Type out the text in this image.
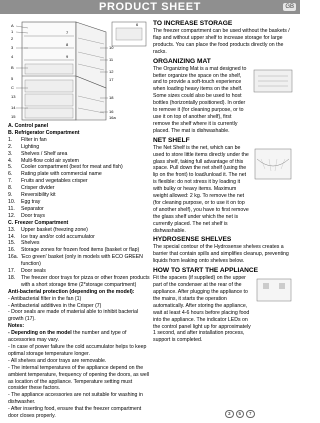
PRODUCT SHEET	GB
A
1
2
3
4
B
5
C
13
14
15
10
11
12
17
18
16
16a
6
7
8
9
A. Control panel
B. Refrigerator Compartment
1.	Filter in fan
2.	Lighting
3.	Shelves / Shelf area
4.	Multi-flow cold air system
5.	Cooler compartment (best for meat and fish)
6.	Rating plate with commercial name
7.	Fruits and vegetables crisper
8.	Crisper divider
9.	Reversibility kit
10.	Egg tray
11.	Separator
12.	Door trays
C. Freezer Compartment
13.	Upper basket (freezing zone)
14.	Ice tray and/or cold accumulator
15.	Shelves
16.	Storage zones for frozen food items (basket or flap)
16a. 'Eco green' basket (only in models with ECO GREEN function)
17.	Door seals
18.	The freezer door trays for pizza or other frozen products with a short storage time (2*storage compartment)
Anti-bacterial protection (depending on the model):
- Antibacterial filter in the fan (1)
- Antibacterial additives in the Crisper (7)
- Door seals are made of material able to inhibit bacterial growth (17).
Notes:
- Depending on the model the number and type of accessories may vary.
- In case of power failure the cold accumulator helps to keep optimal storage temperature longer.
- All shelves and door trays are removable.
- The internal temperatures of the appliance depend on the ambient temperature, frequency of opening the doors, as well as location of the appliance. Temperature setting must consider these factors.
- The appliance accessories are not suitable for washing in dishwasher.
- After inserting food, ensure that the freezer compartment door closes properly.
TO INCREASE STORAGE

The freezer compartment can be used without the baskets / flap and without upper shelf to increase storage for large products. You can place the food products directly on the racks.

ORGANIZING MAT

The Organizing Mat is a mat designed to better organize the space on the shelf, and to provide a soft-touch experience when loading heavy items on the shelf. Some sizes could also be used to host bottles (horizontally positioned). In order to remove it (for cleaning purpose, or to use it on top of another shelf), first remove the shelf where it is currently placed. The mat is dishwashable.

NET SHELF

The Net Shelf is the net, which can be used to store little items directly under the glass shelf, taking full advantage of this space. Pull down the net shelf (using the lip on the front) to load/unload it. The net is flexible: do not stress it by loading it with bulky or heavy items. Maximum weight allowed: 2 kg. To remove the net (for cleaning purpose, or to use it on top of another shelf), you have to first remove the glass shelf under which the net is currently placed. The net shelf is dishwashable.

HYDROSENSE SHELVES

The special contour of the Hydrosense shelves creates a barrier that contain spills and simplifies cleanup, preventing liquids from leaking onto shelves below.

HOW TO START THE APPLIANCE

Fit the spacers (if supplied) on the upper part of the condenser at the rear of the appliance. After plugging the appliance to the mains, it starts the operation automatically. After storing the appliance, wait at least 4-6 hours before placing food into the appliance. The indicator LEDs on the control panel light up for approximately 1 second, and after installation process, support is completed.

3	5	7
